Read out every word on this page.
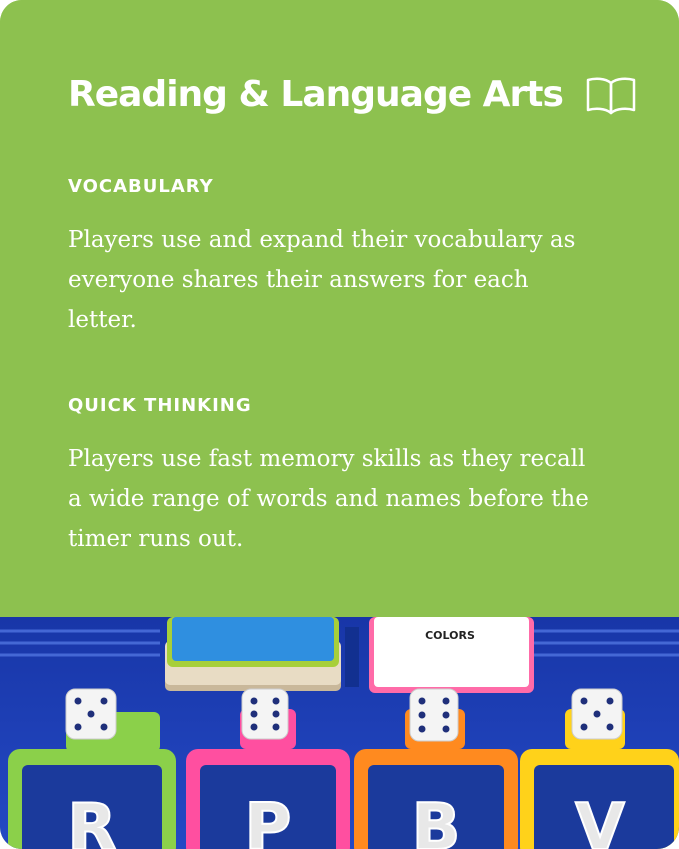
Reading & Language Arts
VOCABULARY

Players use and expand their vocabulary as everyone shares their answers for each letter.

QUICK THINKING

Players use fast memory skills as they recall a wide range of words and names before the timer runs out.

COLORS
R P B V
